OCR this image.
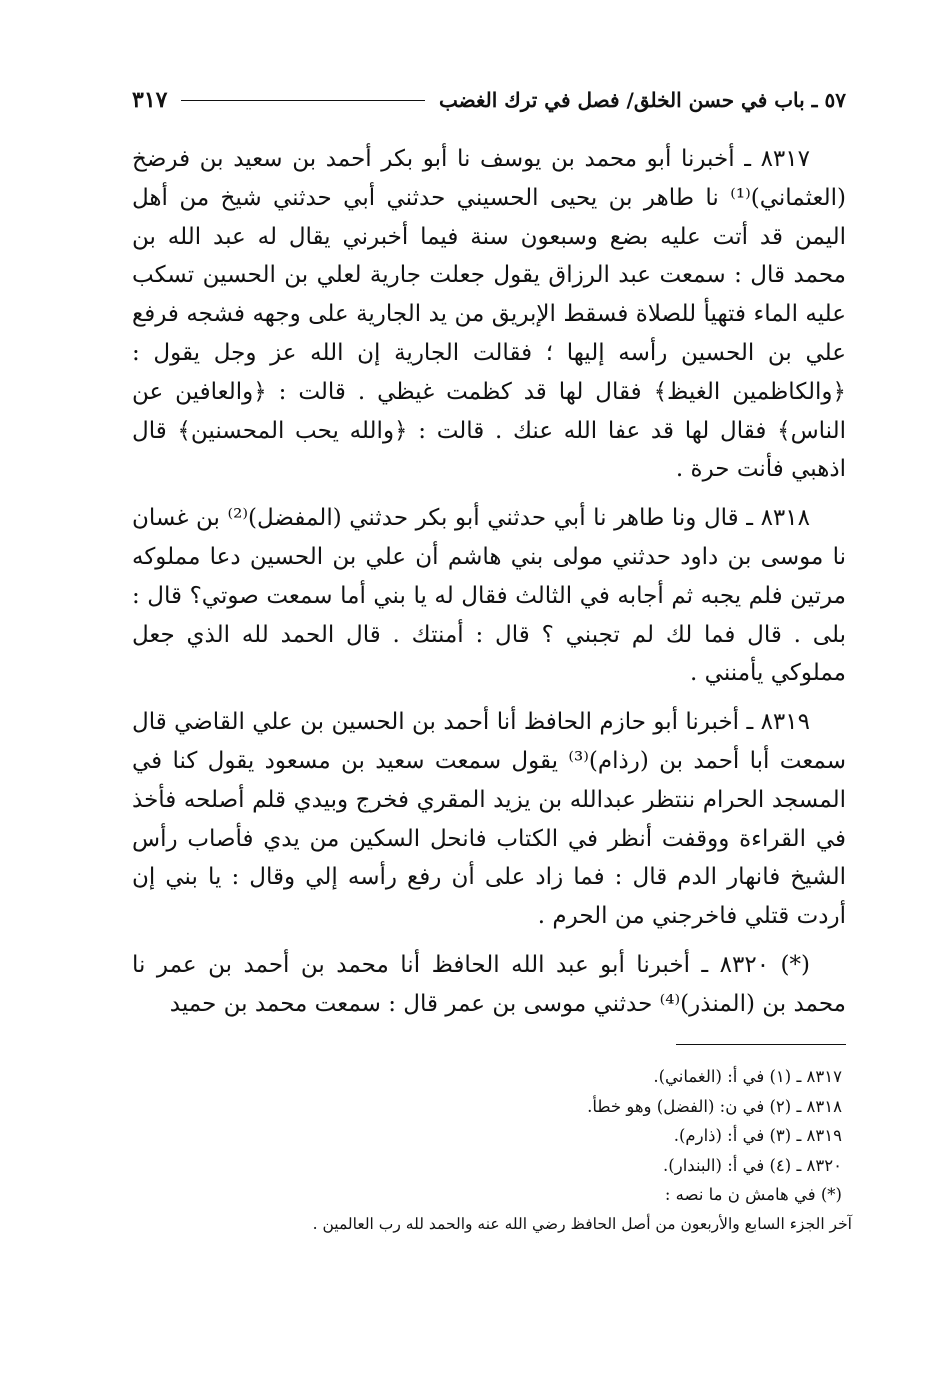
٥٧ ـ باب في حسن الخلق/ فصل في ترك الغضب
٣١٧

٨٣١٧ ـ أخبرنا أبو محمد بن يوسف نا أبو بكر أحمد بن سعيد بن فرضخ (العثماني)⁽¹⁾ نا طاهر بن يحيى الحسيني حدثني أبي حدثني شيخ من أهل اليمن قد أتت عليه بضع وسبعون سنة فيما أخبرني يقال له عبد الله بن محمد قال : سمعت عبد الرزاق يقول جعلت جارية لعلي بن الحسين تسكب عليه الماء فتهيأ للصلاة فسقط الإبريق من يد الجارية على وجهه فشجه فرفع علي بن الحسين رأسه إليها ؛ فقالت الجارية إن الله عز وجل يقول : ﴿والكاظمين الغيظ﴾ فقال لها قد كظمت غيظي . قالت : ﴿والعافين عن الناس﴾ فقال لها قد عفا الله عنك . قالت : ﴿والله يحب المحسنين﴾ قال اذهبي فأنت حرة .

٨٣١٨ ـ قال ونا طاهر نا أبي حدثني أبو بكر حدثني (المفضل)⁽²⁾ بن غسان نا موسى بن داود حدثني مولى بني هاشم أن علي بن الحسين دعا مملوكه مرتين فلم يجبه ثم أجابه في الثالث فقال له يا بني أما سمعت صوتي؟ قال : بلى . قال فما لك لم تجبني ؟ قال : أمنتك . قال الحمد لله الذي جعل مملوكي يأمنني .

٨٣١٩ ـ أخبرنا أبو حازم الحافظ أنا أحمد بن الحسين بن علي القاضي قال سمعت أبا أحمد بن (رذام)⁽³⁾ يقول سمعت سعيد بن مسعود يقول كنا في المسجد الحرام ننتظر عبدالله بن يزيد المقري فخرج وبيدي قلم أصلحه فأخذ في القراءة ووقفت أنظر في الكتاب فانحل السكين من يدي فأصاب رأس الشيخ فانهار الدم قال : فما زاد على أن رفع رأسه إلي وقال : يا بني إن أردت قتلي فاخرجني من الحرم .

(*) ٨٣٢٠ ـ أخبرنا أبو عبد الله الحافظ أنا محمد بن أحمد بن عمر نا محمد بن (المنذر)⁽⁴⁾ حدثني موسى بن عمر قال : سمعت محمد بن حميد

٨٣١٧ ـ (١) في أ: (الغماني).

٨٣١٨ ـ (٢) في ن: (الفضل) وهو خطأ.

٨٣١٩ ـ (٣) في أ: (ذارم).

٨٣٢٠ ـ (٤) في أ: (البندار).

(*) في هامش ن ما نصه :

آخر الجزء السابع والأربعون من أصل الحافظ رضي الله عنه والحمد لله رب العالمين .
